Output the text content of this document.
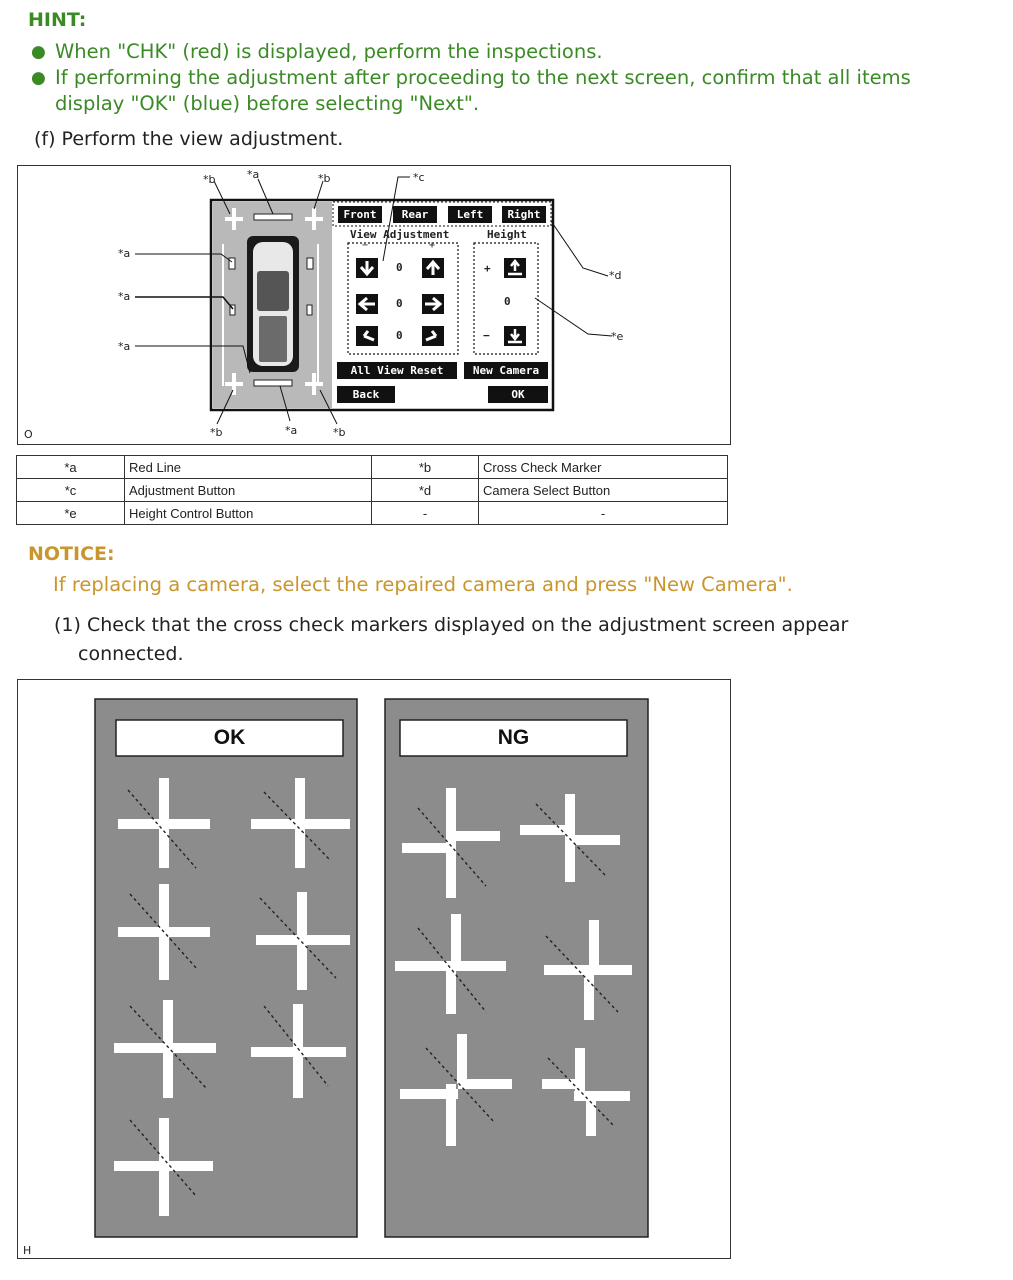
HINT:
● When "CHK" (red) is displayed, perform the inspections.
● If performing the adjustment after proceeding to the next screen, confirm that all items
display "OK" (blue) before selecting "Next".
(f) Perform the view adjustment.
O
*b	*a	*b	*c
*a
*a
*a
*d
*e
*b	*a	*b
Front	Rear	Left	Right
View Adjustment	Height
−	+
0
0
0
+
0
−
All View Reset	New Camera
Back	OK
*a	Red Line	*b	Cross Check Marker
*c	Adjustment Button	*d	Camera Select Button
*e	Height Control Button	-	-
NOTICE:
If replacing a camera, select the repaired camera and press "New Camera".
(1) Check that the cross check markers displayed on the adjustment screen appear
connected.
H
OK	NG
